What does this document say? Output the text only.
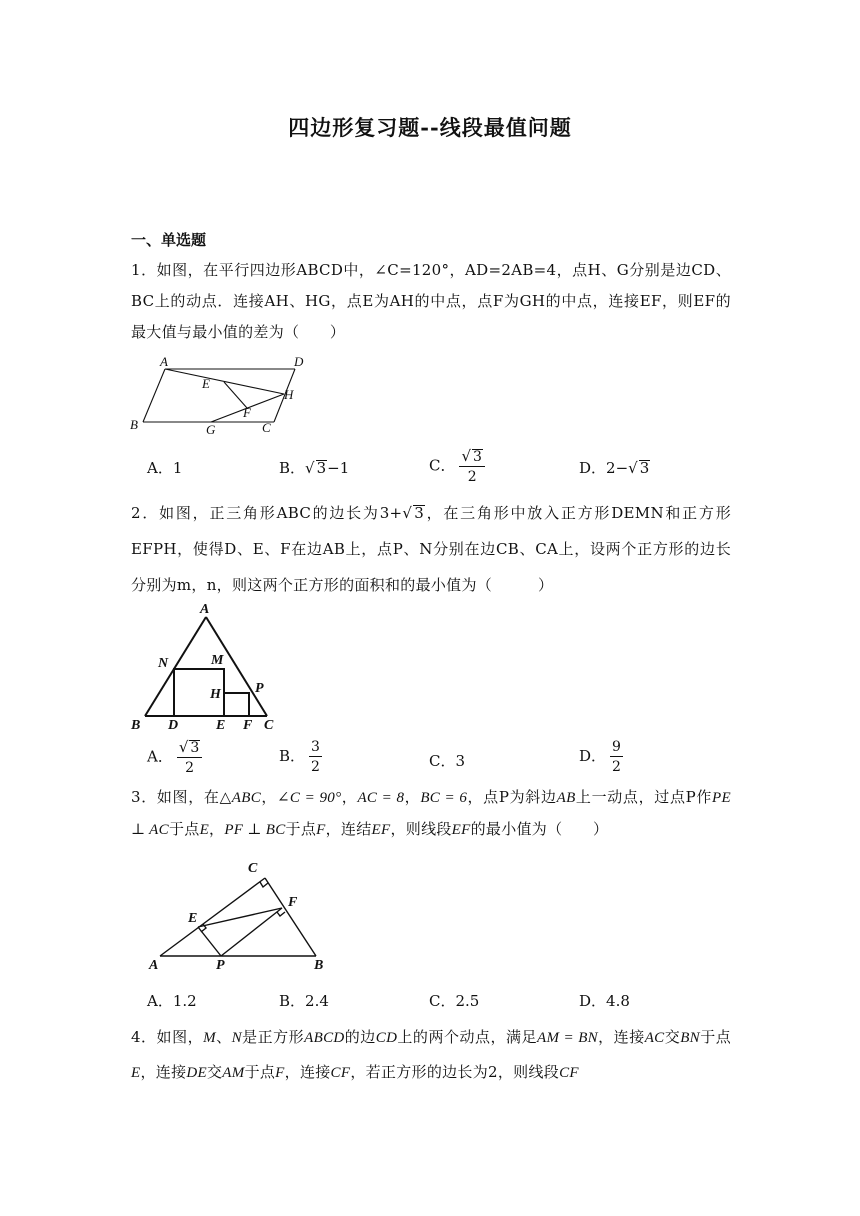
四边形复习题--线段最值问题
一、单选题
1．如图，在平行四边形ABCD中，∠C=120°，AD=2AB=4，点H、G分别是边CD、BC上的动点．连接AH、HG，点E为AH的中点，点F为GH的中点，连接EF，则EF的最大值与最小值的差为（　　）
A	D
E
H
F
B	G	C
A．1	B．√ 3−1	C． $\frac{√ 3}{2}$	D．2−√ 3
2．如图，正三角形ABC的边长为3+√ 3，在三角形中放入正方形DEMN和正方形EFPH，使得D、E、F在边AB上，点P、N分别在边CB、CA上，设两个正方形的边长分别为m，n，则这两个正方形的面积和的最小值为（　　　）
A
N	M
H P
B D	E F C
A． $\frac{√ 3}{2}$	B． $\frac{3}{2}$	C．3	D． $\frac{9}{2}$
3．如图，在△ABC，∠C = 90°，AC = 8，BC = 6，点P为斜边AB上一动点，过点P作PE ⊥ AC于点E，PF ⊥ BC于点F，连结EF，则线段EF的最小值为（　　）
C
E
F
A	P	B
A．1.2	B．2.4	C．2.5	D．4.8
4．如图，M、N是正方形ABCD的边CD上的两个动点，满足AM = BN，连接AC交BN于点E，连接DE交AM于点F，连接CF，若正方形的边长为2，则线段CF
